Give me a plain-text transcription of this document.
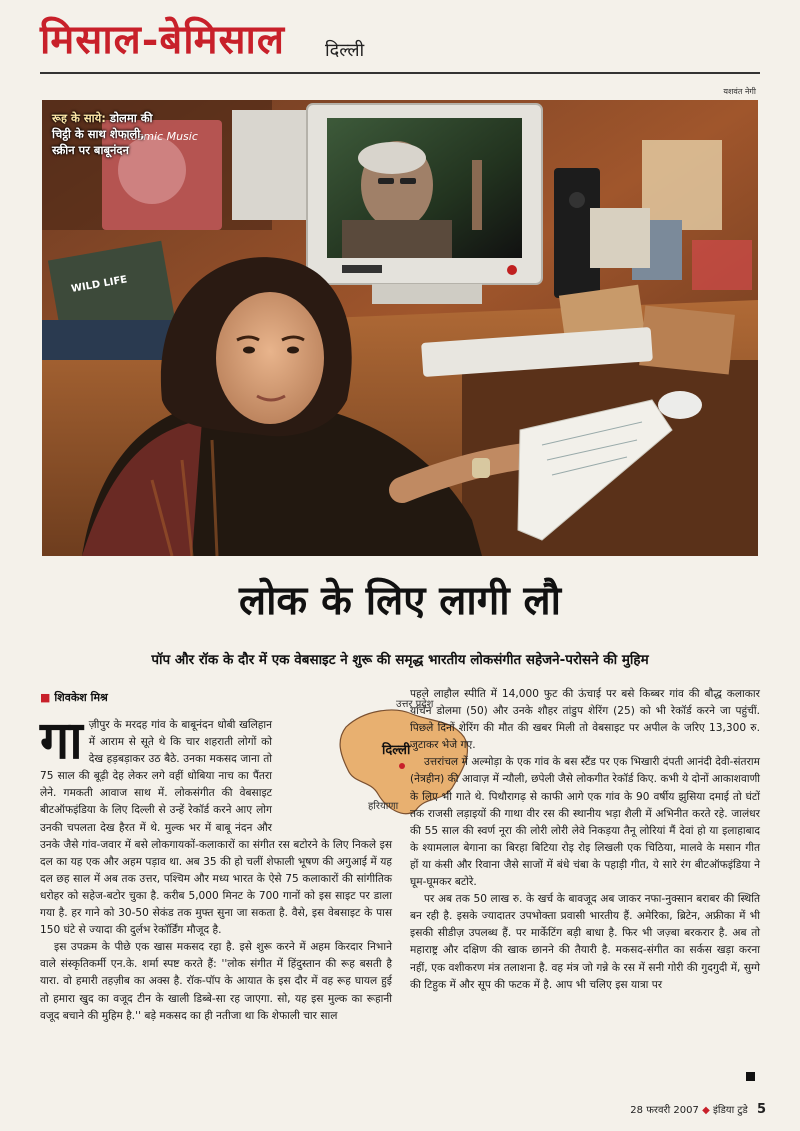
मिसाल-बेमिसाल दिल्ली
यशवंत नेगी
Kosmic Music
WILD LIFE
रूह के साये: डोलमा की चिट्ठी के साथ शेफाली, स्क्रीन पर बाबूनंदन
लोक के लिए लागी लौ
पॉप और रॉक के दौर में एक वेबसाइट ने शुरू की समृद्ध भारतीय लोकसंगीत सहेजने-परोसने की मुहिम
■ शिवकेश मिश्र
उत्तर प्रदेश
दिल्ली
हरियाणा

गाज़ीपुर के मरदह गांव के बाबूनंदन धोबी खलिहान में आराम से सूते थे कि चार शहराती लोगों को देख हड़बड़ाकर उठ बैठे. उनका मकसद जाना तो 75 साल की बूढ़ी देह लेकर लगे वहीं धोबिया नाच का पैंतरा लेने. गमकती आवाज साथ में. लोकसंगीत की वेबसाइट बीटऑफइंडिया के लिए दिल्ली से उन्हें रेकॉर्ड करने आए लोग उनकी चपलता देख हैरत में थे. मुल्क भर में बाबू नंदन और उनके जैसे गांव-जवार में बसे लोकगायकों-कलाकारों का संगीत रस बटोरने के लिए निकले इस दल का यह एक और अहम पड़ाव था. अब 35 की हो चलीं शेफाली भूषण की अगुआई में यह दल छह साल में अब तक उत्तर, पश्चिम और मध्य भारत के ऐसे 75 कलाकारों की सांगीतिक धरोहर को सहेज-बटोर चुका है. करीब 5,000 मिनट के 700 गानों को इस साइट पर डाला गया है. हर गाने को 30-50 सेकंड तक मुफ्त सुना जा सकता है. वैसे, इस वेबसाइट के पास 150 घंटे से ज्यादा की दुर्लभ रेकॉर्डिंग मौजूद है.

इस उपक्रम के पीछे एक खास मकसद रहा है. इसे शुरू करने में अहम किरदार निभाने वाले संस्कृतिकर्मी एन.के. शर्मा स्पष्ट करते हैं: ''लोक संगीत में हिंदुस्तान की रूह बसती है यारा. वो हमारी तहज़ीब का अक्स है. रॉक-पॉप के आयात के इस दौर में वह रूह घायल हुई तो हमारा खुद का वजूद टीन के खाली डिब्बे-सा रह जाएगा. सो, यह इस मुल्क का रूहानी वजूद बचाने की मुहिम है.'' बड़े मकसद का ही नतीजा था कि शेफाली चार साल

पहले लाहौल स्पीति में 14,000 फुट की ऊंचाई पर बसे किब्बर गांव की बौद्ध कलाकार यांचेन डोलमा (50) और उनके शौहर तांडुप शेरिंग (25) को भी रेकॉर्ड करने जा पहुंचीं. पिछले दिनों शेरिंग की मौत की खबर मिली तो वेबसाइट पर अपील के जरिए 13,300 रु. जुटाकर भेजे गए.

उत्तरांचल में अल्मोड़ा के एक गांव के बस स्टैंड पर एक भिखारी दंपती आनंदी देवी-संतराम (नेत्रहीन) की आवाज़ में न्यौली, छपेली जैसे लोकगीत रेकॉर्ड किए. कभी ये दोनों आकाशवाणी के लिए भी गाते थे. पिथौरागढ़ से काफी आगे एक गांव के 90 वर्षीय झुसिया दमाई तो घंटों तक राजसी लड़ाइयों की गाथा वीर रस की स्थानीय भड़ा शैली में अभिनीत करते रहे. जालंधर की 55 साल की स्वर्ण नूरा की लोरी लोरी लेवे निकड़या तैनू लोरियां मैं देवां हो या इलाहाबाद के श्यामलाल बेगाना का बिरहा बिटिया रोइ रोइ लिखली एक चिठिया, मालवे के मसान गीत हों या कंसी और रिवाना जैसे साजों में बंधे चंबा के पहाड़ी गीत, ये सारे रंग बीटऑफइंडिया ने घूम-घूमकर बटोरे.

पर अब तक 50 लाख रु. के खर्च के बावजूद अब जाकर नफा-नुक्सान बराबर की स्थिति बन रही है. इसके ज्यादातर उपभोक्ता प्रवासी भारतीय हैं. अमेरिका, ब्रिटेन, अफ्रीका में भी इसकी सीडीज़ उपलब्ध हैं. पर मार्केटिंग बड़ी बाधा है. फिर भी जज़्बा बरकरार है. अब तो महाराष्ट्र और दक्षिण की खाक छानने की तैयारी है. मकसद-संगीत का सर्कस खड़ा करना नहीं, एक वशीकरण मंत्र तलाशना है. वह मंत्र जो गन्ने के रस में सनी गोरी की गुदगुदी में, सुग्गे की टिहुक में और सूप की फटक में है. आप भी चलिए इस यात्रा पर

28 फरवरी 2007 ◆ इंडिया टुडे 5
